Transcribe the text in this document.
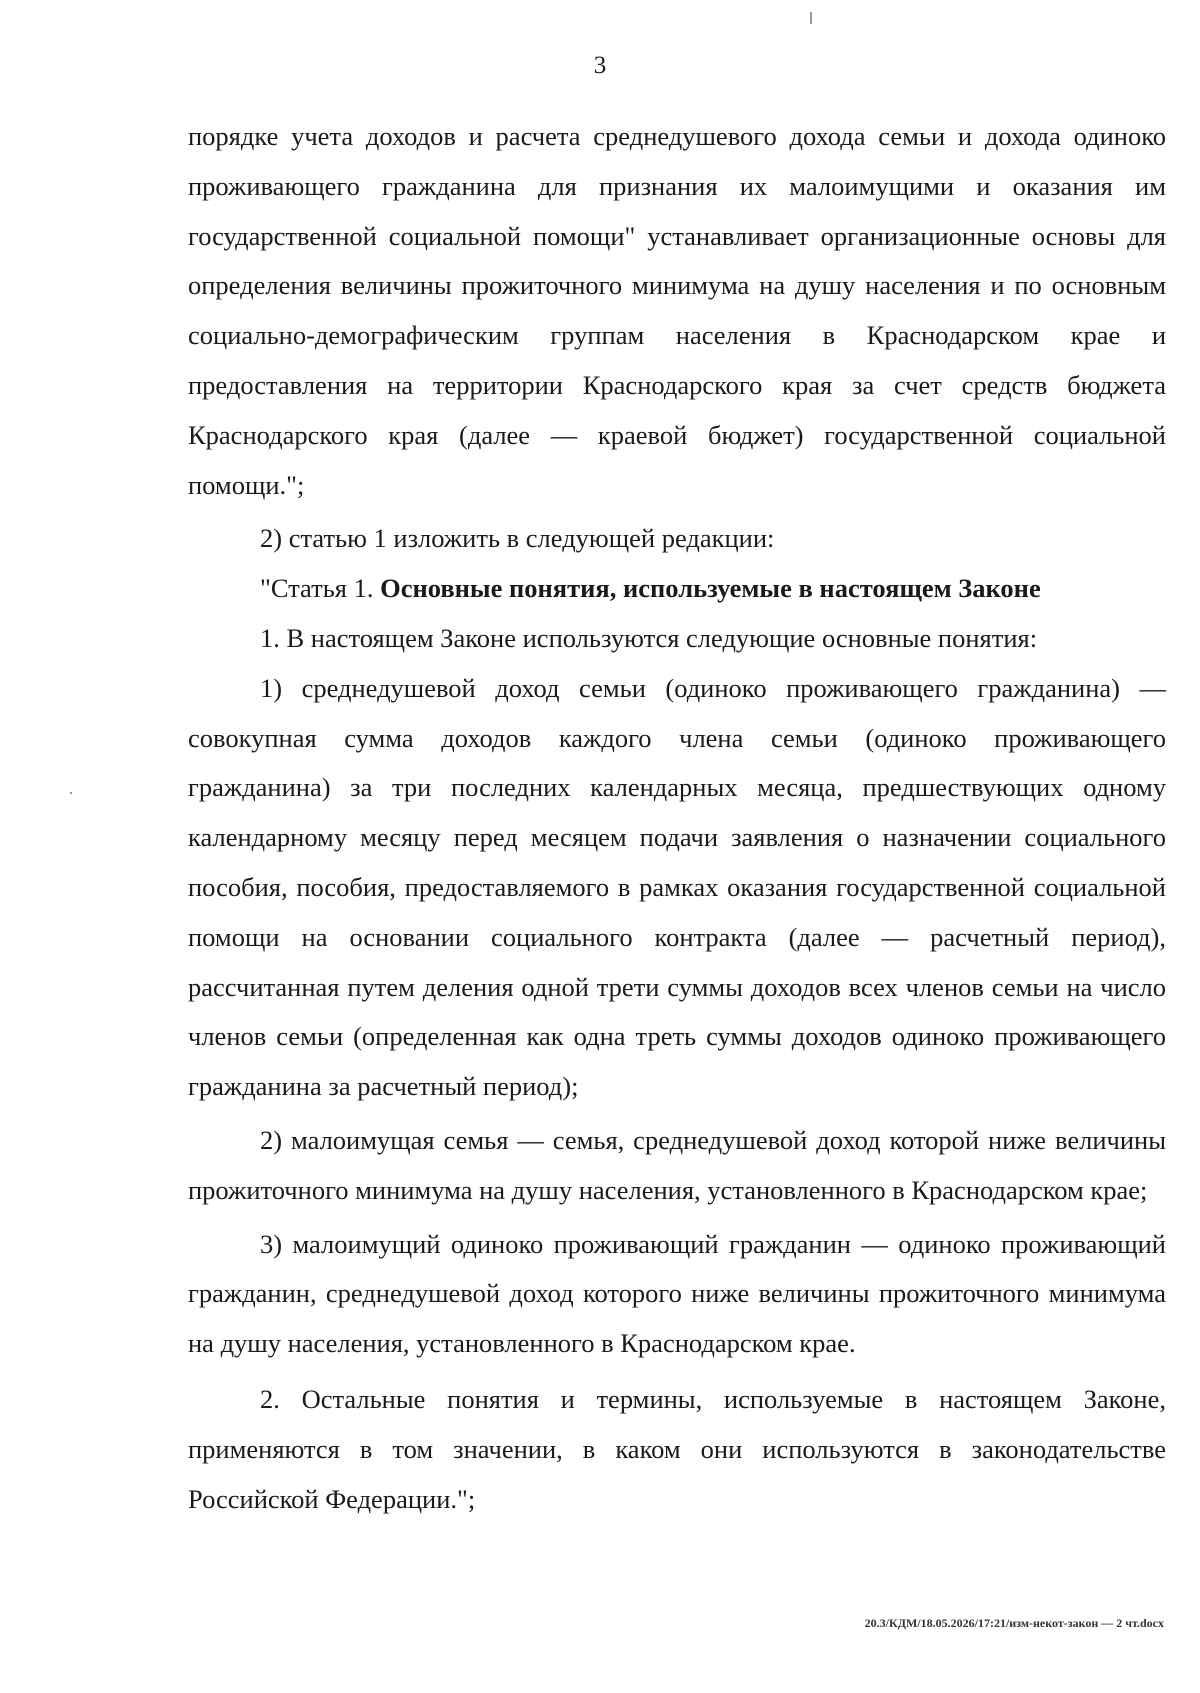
3

порядке учета доходов и расчета среднедушевого дохода семьи и дохода одиноко проживающего гражданина для признания их малоимущими и оказания им государственной социальной помощи" устанавливает организационные основы для определения величины прожиточного минимума на душу населения и по основным социально-демографическим группам населения в Краснодарском крае и предоставления на территории Краснодарского края за счет средств бюджета Краснодарского края (далее — краевой бюджет) государственной социальной помощи.";

2) статью 1 изложить в следующей редакции:

"Статья 1. Основные понятия, используемые в настоящем Законе

1. В настоящем Законе используются следующие основные понятия:

1) среднедушевой доход семьи (одиноко проживающего гражданина) — совокупная сумма доходов каждого члена семьи (одиноко проживающего гражданина) за три последних календарных месяца, предшествующих одному календарному месяцу перед месяцем подачи заявления о назначении социального пособия, пособия, предоставляемого в рамках оказания государственной социальной помощи на основании социального контракта (далее — расчетный период), рассчитанная путем деления одной трети суммы доходов всех членов семьи на число членов семьи (определенная как одна треть суммы доходов одиноко проживающего гражданина за расчетный период);

2) малоимущая семья — семья, среднедушевой доход которой ниже величины прожиточного минимума на душу населения, установленного в Краснодарском крае;

3) малоимущий одиноко проживающий гражданин — одиноко проживающий гражданин, среднедушевой доход которого ниже величины прожиточного минимума на душу населения, установленного в Краснодарском крае.

2. Остальные понятия и термины, используемые в настоящем Законе, применяются в том значении, в каком они используются в законодательстве Российской Федерации.";

20.3/КДМ/18.05.2026/17:21/изм-некот-закон — 2 чт.docx
